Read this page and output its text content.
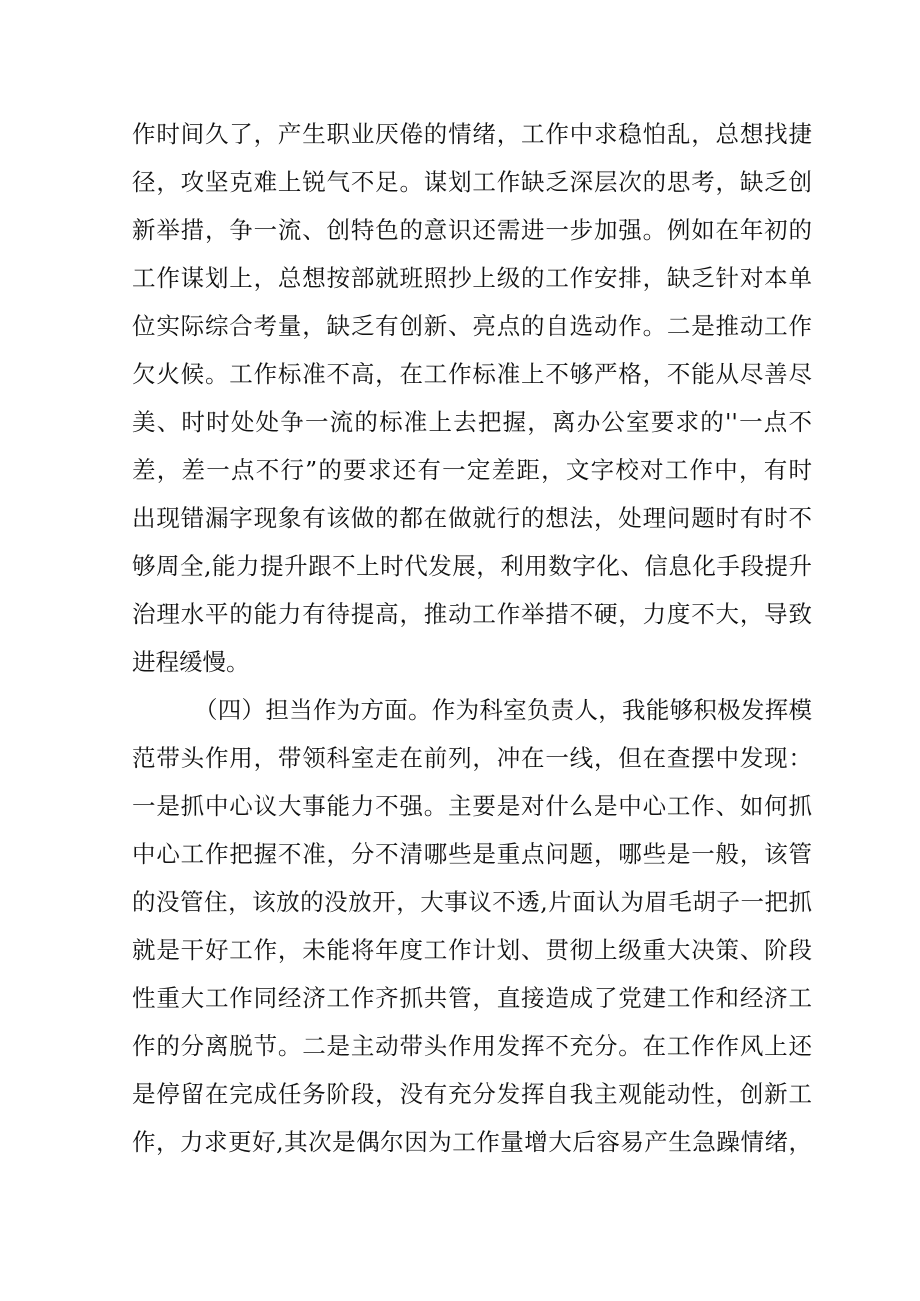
作时间久了，产生职业厌倦的情绪，工作中求稳怕乱，总想找捷
径，攻坚克难上锐气不足。谋划工作缺乏深层次的思考，缺乏创
新举措，争一流、创特色的意识还需进一步加强。例如在年初的
工作谋划上，总想按部就班照抄上级的工作安排，缺乏针对本单
位实际综合考量，缺乏有创新、亮点的自选动作。二是推动工作
欠火候。工作标准不高，在工作标准上不够严格，不能从尽善尽
美、时时处处争一流的标准上去把握，离办公室要求的''一点不
差，差一点不行”的要求还有一定差距，文字校对工作中，有时
出现错漏字现象有该做的都在做就行的想法，处理问题时有时不
够周全,能力提升跟不上时代发展，利用数字化、信息化手段提升
治理水平的能力有待提高，推动工作举措不硬，力度不大，导致
进程缓慢。
（四）担当作为方面。作为科室负责人，我能够积极发挥模
范带头作用，带领科室走在前列，冲在一线，但在查摆中发现：
一是抓中心议大事能力不强。主要是对什么是中心工作、如何抓
中心工作把握不准，分不清哪些是重点问题，哪些是一般，该管
的没管住，该放的没放开，大事议不透,片面认为眉毛胡子一把抓
就是干好工作，未能将年度工作计划、贯彻上级重大决策、阶段
性重大工作同经济工作齐抓共管，直接造成了党建工作和经济工
作的分离脱节。二是主动带头作用发挥不充分。在工作作风上还
是停留在完成任务阶段，没有充分发挥自我主观能动性，创新工
作，力求更好,其次是偶尔因为工作量增大后容易产生急躁情绪，
